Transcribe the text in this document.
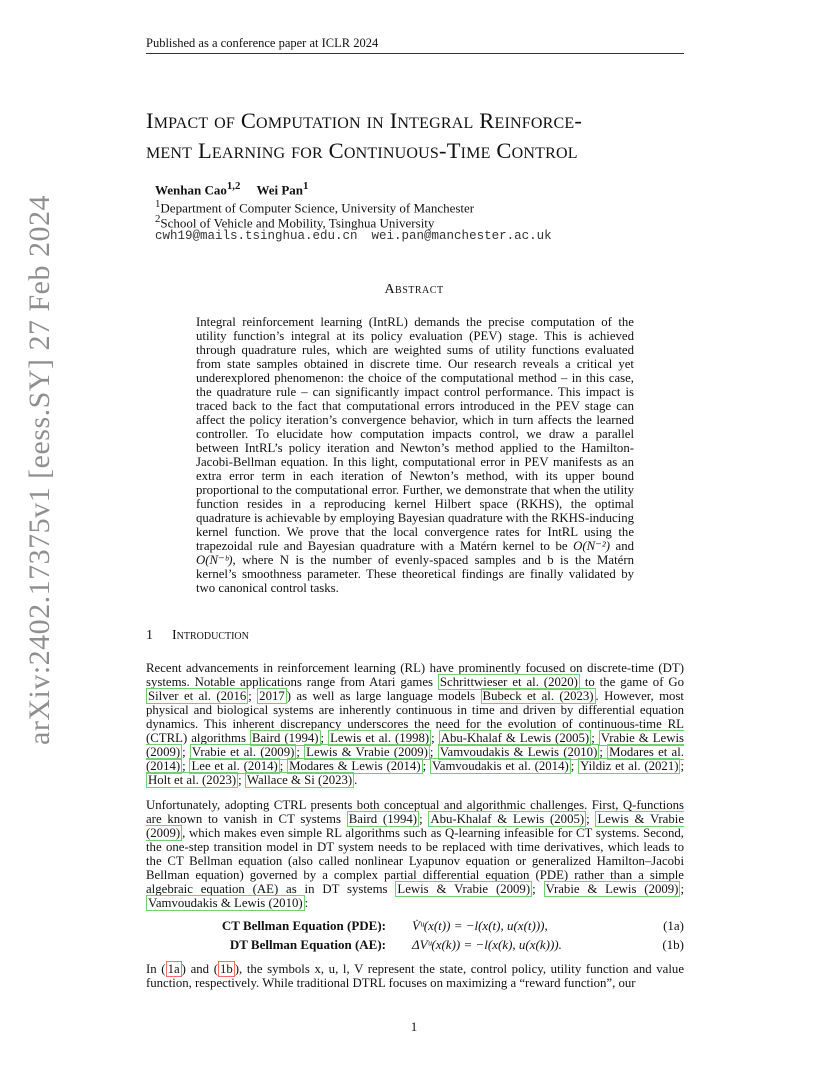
Published as a conference paper at ICLR 2024
arXiv:2402.17375v1 [eess.SY] 27 Feb 2024
Impact of Computation in Integral Reinforce-
ment Learning for Continuous-Time Control
Wenhan Cao$^{1,2}$ Wei Pan$^1$
$^1$Department of Computer Science, University of Manchester
$^2$School of Vehicle and Mobility, Tsinghua University
cwh19@mails.tsinghua.edu.cn wei.pan@manchester.ac.uk
Abstract
Integral reinforcement learning (IntRL) demands the precise computation of the utility function’s integral at its policy evaluation (PEV) stage. This is achieved through quadrature rules, which are weighted sums of utility functions evaluated from state samples obtained in discrete time. Our research reveals a critical yet underexplored phenomenon: the choice of the computational method – in this case, the quadrature rule – can significantly impact control performance. This impact is traced back to the fact that computational errors introduced in the PEV stage can affect the policy iteration’s convergence behavior, which in turn affects the learned controller. To elucidate how computation impacts control, we draw a parallel between IntRL’s policy iteration and Newton’s method applied to the Hamilton-Jacobi-Bellman equation. In this light, computational error in PEV manifests as an extra error term in each iteration of Newton’s method, with its upper bound proportional to the computational error. Further, we demonstrate that when the utility function resides in a reproducing kernel Hilbert space (RKHS), the optimal quadrature is achievable by employing Bayesian quadrature with the RKHS-inducing kernel function. We prove that the local convergence rates for IntRL using the trapezoidal rule and Bayesian quadrature with a Matérn kernel to be O(N⁻²) and O(N⁻ᵇ), where N is the number of evenly-spaced samples and b is the Matérn kernel’s smoothness parameter. These theoretical findings are finally validated by two canonical control tasks.
1 Introduction
Recent advancements in reinforcement learning (RL) have prominently focused on discrete-time (DT) systems. Notable applications range from Atari games Schrittwieser et al. (2020) to the game of Go Silver et al. (2016 ; 2017 ) as well as large language models Bubeck et al. (2023) . However, most physical and biological systems are inherently continuous in time and driven by differential equation dynamics. This inherent discrepancy underscores the need for the evolution of continuous-time RL (CTRL) algorithms Baird (1994) ; Lewis et al. (1998) ; Abu-Khalaf & Lewis (2005) ; Vrabie & Lewis (2009) ; Vrabie et al. (2009) ; Lewis & Vrabie (2009) ; Vamvoudakis & Lewis (2010) ; Modares et al. (2014) ; Lee et al. (2014) ; Modares & Lewis (2014) ; Vamvoudakis et al. (2014) ; Yildiz et al. (2021) ; Holt et al. (2023) ; Wallace & Si (2023) .
Unfortunately, adopting CTRL presents both conceptual and algorithmic challenges. First, Q-functions are known to vanish in CT systems Baird (1994) ; Abu-Khalaf & Lewis (2005) ; Lewis & Vrabie (2009) , which makes even simple RL algorithms such as Q-learning infeasible for CT systems. Second, the one-step transition model in DT system needs to be replaced with time derivatives, which leads to the CT Bellman equation (also called nonlinear Lyapunov equation or generalized Hamilton–Jacobi Bellman equation) governed by a complex partial differential equation (PDE) rather than a simple algebraic equation (AE) as in DT systems Lewis & Vrabie (2009) ; Vrabie & Lewis (2009) ; Vamvoudakis & Lewis (2010) :
CT Bellman Equation (PDE): V̇ᵘ(x(t)) = −l(x(t), u(x(t))),	(1a)
DT Bellman Equation (AE): ΔVᵘ(x(k)) = −l(x(k), u(x(k))).	(1b)
In ( 1a ) and ( 1b ), the symbols x, u, l, V represent the state, control policy, utility function and value function, respectively. While traditional DTRL focuses on maximizing a “reward function”, our
1
